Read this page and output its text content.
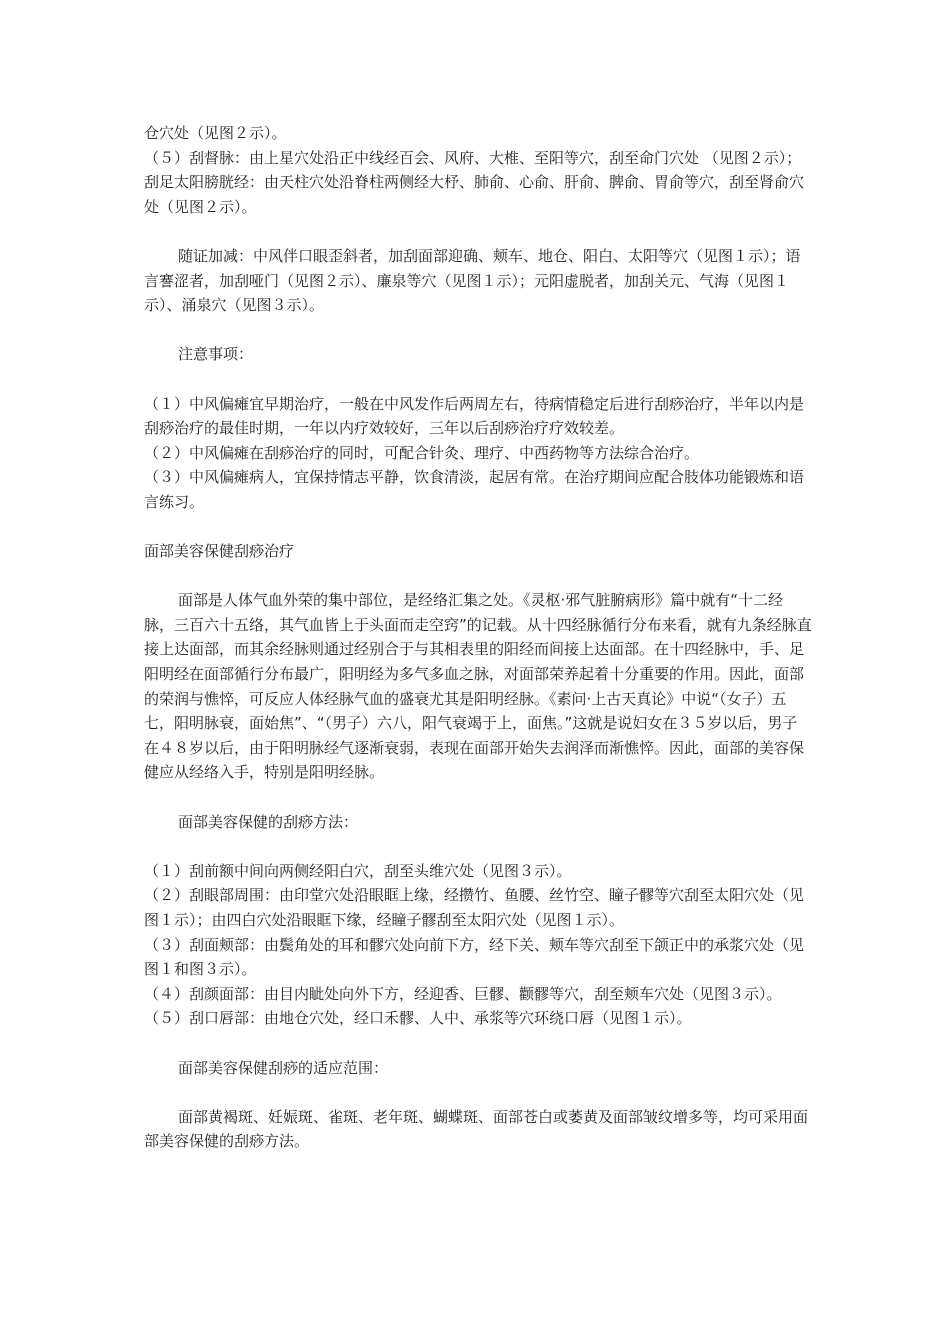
仓穴处（见图２示）。

（５）刮督脉：由上星穴处沿正中线经百会、风府、大椎、至阳等穴，刮至命门穴处 （见图２示）；刮足太阳膀胱经：由天柱穴处沿脊柱两侧经大杼、肺俞、心俞、肝俞、脾俞、胃俞等穴，刮至肾俞穴处（见图２示）。

随证加减：中风伴口眼歪斜者，加刮面部迎确、颊车、地仓、阳白、太阳等穴（见图１示）；语言謇涩者，加刮哑门（见图２示）、廉泉等穴（见图１示）；元阳虚脱者，加刮关元、气海（见图１示）、涌泉穴（见图３示）。

注意事项：

（１）中风偏瘫宜早期治疗，一般在中风发作后两周左右，待病情稳定后进行刮痧治疗，半年以内是刮痧治疗的最佳时期，一年以内疗效较好，三年以后刮痧治疗疗效较差。

（２）中风偏瘫在刮痧治疗的同时，可配合针灸、理疗、中西药物等方法综合治疗。

（３）中风偏瘫病人，宜保持情志平静，饮食清淡，起居有常。在治疗期间应配合肢体功能锻炼和语言练习。

面部美容保健刮痧治疗

面部是人体气血外荣的集中部位，是经络汇集之处。《灵枢·邪气脏腑病形》篇中就有“十二经脉，三百六十五络，其气血皆上于头面而走空窍”的记载。从十四经脉循行分布来看，就有九条经脉直接上达面部，而其余经脉则通过经别合于与其相表里的阳经而间接上达面部。在十四经脉中，手、足阳明经在面部循行分布最广，阳明经为多气多血之脉，对面部荣养起着十分重要的作用。因此，面部的荣润与憔悴，可反应人体经脉气血的盛衰尤其是阳明经脉。《素问·上古天真论》中说“（女子）五七，阳明脉衰，面始焦”、“（男子）六八，阳气衰竭于上，面焦。”这就是说妇女在３５岁以后，男子在４８岁以后，由于阳明脉经气逐渐衰弱，表现在面部开始失去润泽而渐憔悴。因此，面部的美容保健应从经络入手，特别是阳明经脉。

面部美容保健的刮痧方法：

（１）刮前额中间向两侧经阳白穴，刮至头维穴处（见图３示）。

（２）刮眼部周围：由印堂穴处沿眼眶上缘，经攒竹、鱼腰、丝竹空、瞳子髎等穴刮至太阳穴处（见图１示）；由四白穴处沿眼眶下缘，经瞳子髎刮至太阳穴处（见图１示）。

（３）刮面颊部：由鬓角处的耳和髎穴处向前下方，经下关、颊车等穴刮至下颌正中的承浆穴处（见图１和图３示）。

（４）刮颜面部：由目内眦处向外下方，经迎香、巨髎、颧髎等穴，刮至颊车穴处（见图３示）。

（５）刮口唇部：由地仓穴处，经口禾髎、人中、承浆等穴环绕口唇（见图１示）。

面部美容保健刮痧的适应范围：

面部黄褐斑、妊娠斑、雀斑、老年斑、蝴蝶斑、面部苍白或萎黄及面部皱纹增多等，均可采用面部美容保健的刮痧方法。
